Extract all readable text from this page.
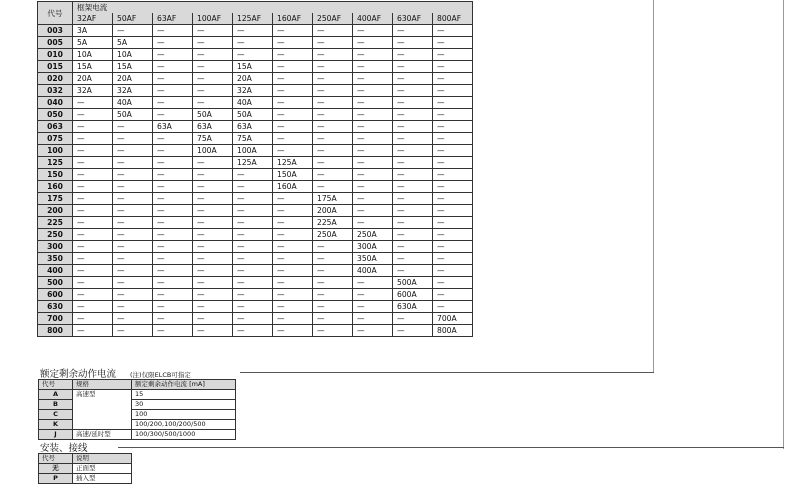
代号	框架电流									
	32AF	50AF	63AF	100AF	125AF	160AF	250AF	400AF	630AF	800AF
003	3A	—	—	—	—	—	—	—	—	—
005	5A	5A	—	—	—	—	—	—	—	—
010	10A	10A	—	—	—	—	—	—	—	—
015	15A	15A	—	—	15A	—	—	—	—	—
020	20A	20A	—	—	20A	—	—	—	—	—
032	32A	32A	—	—	32A	—	—	—	—	—
040	—	40A	—	—	40A	—	—	—	—	—
050	—	50A	—	50A	50A	—	—	—	—	—
063	—	—	63A	63A	63A	—	—	—	—	—
075	—	—	—	75A	75A	—	—	—	—	—
100	—	—	—	100A	100A	—	—	—	—	—
125	—	—	—	—	125A	125A	—	—	—	—
150	—	—	—	—	—	150A	—	—	—	—
160	—	—	—	—	—	160A	—	—	—	—
175	—	—	—	—	—	—	175A	—	—	—
200	—	—	—	—	—	—	200A	—	—	—
225	—	—	—	—	—	—	225A	—	—	—
250	—	—	—	—	—	—	250A	250A	—	—
300	—	—	—	—	—	—	—	300A	—	—
350	—	—	—	—	—	—	—	350A	—	—
400	—	—	—	—	—	—	—	400A	—	—
500	—	—	—	—	—	—	—	—	500A	—
600	—	—	—	—	—	—	—	—	600A	—
630	—	—	—	—	—	—	—	—	630A	—
700	—	—	—	—	—	—	—	—	—	700A
800	—	—	—	—	—	—	—	—	—	800A
额定剩余动作电流 (注)仅限ELCB可指定
代号	规格	额定剩余动作电流 [mA]
A	高速型	15
B		30
C		100
K		100/200,100/200/500
J	高速/延时型	100/300/500/1000
安装、接线
代号	说明
无	正面型
P	插入型
